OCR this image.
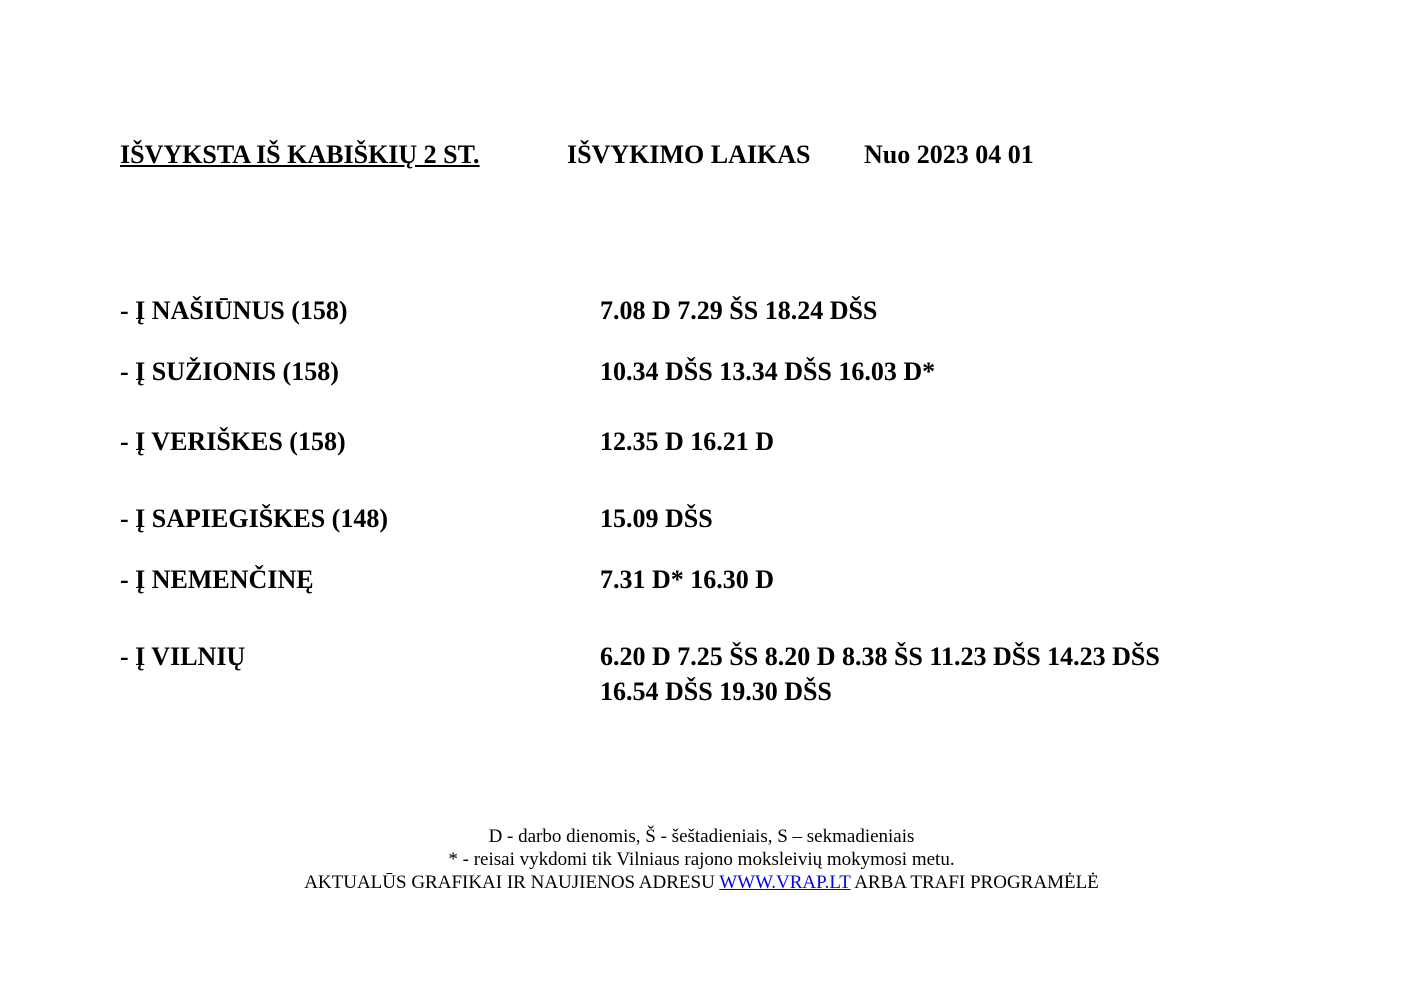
IŠVYKSTA IŠ KABIŠKIŲ 2 ST.	IŠVYKIMO LAIKAS Nuo 2023 04 01
- Į NAŠIŪNUS (158)	7.08 D 7.29 ŠS 18.24 DŠS
- Į SUŽIONIS (158)	10.34 DŠS 13.34 DŠS 16.03 D*
- Į VERIŠKES (158)	12.35 D 16.21 D
- Į SAPIEGIŠKES (148)	15.09 DŠS
- Į NEMENČINĘ	7.31 D* 16.30 D
- Į VILNIŲ	6.20 D 7.25 ŠS 8.20 D 8.38 ŠS 11.23 DŠS 14.23 DŠS
16.54 DŠS 19.30 DŠS
D - darbo dienomis, Š - šeštadieniais, S – sekmadieniais
* - reisai vykdomi tik Vilniaus rajono moksleivių mokymosi metu.
AKTUALŪS GRAFIKAI IR NAUJIENOS ADRESU WWW.VRAP.LT ARBA TRAFI PROGRAMĖLĖ
